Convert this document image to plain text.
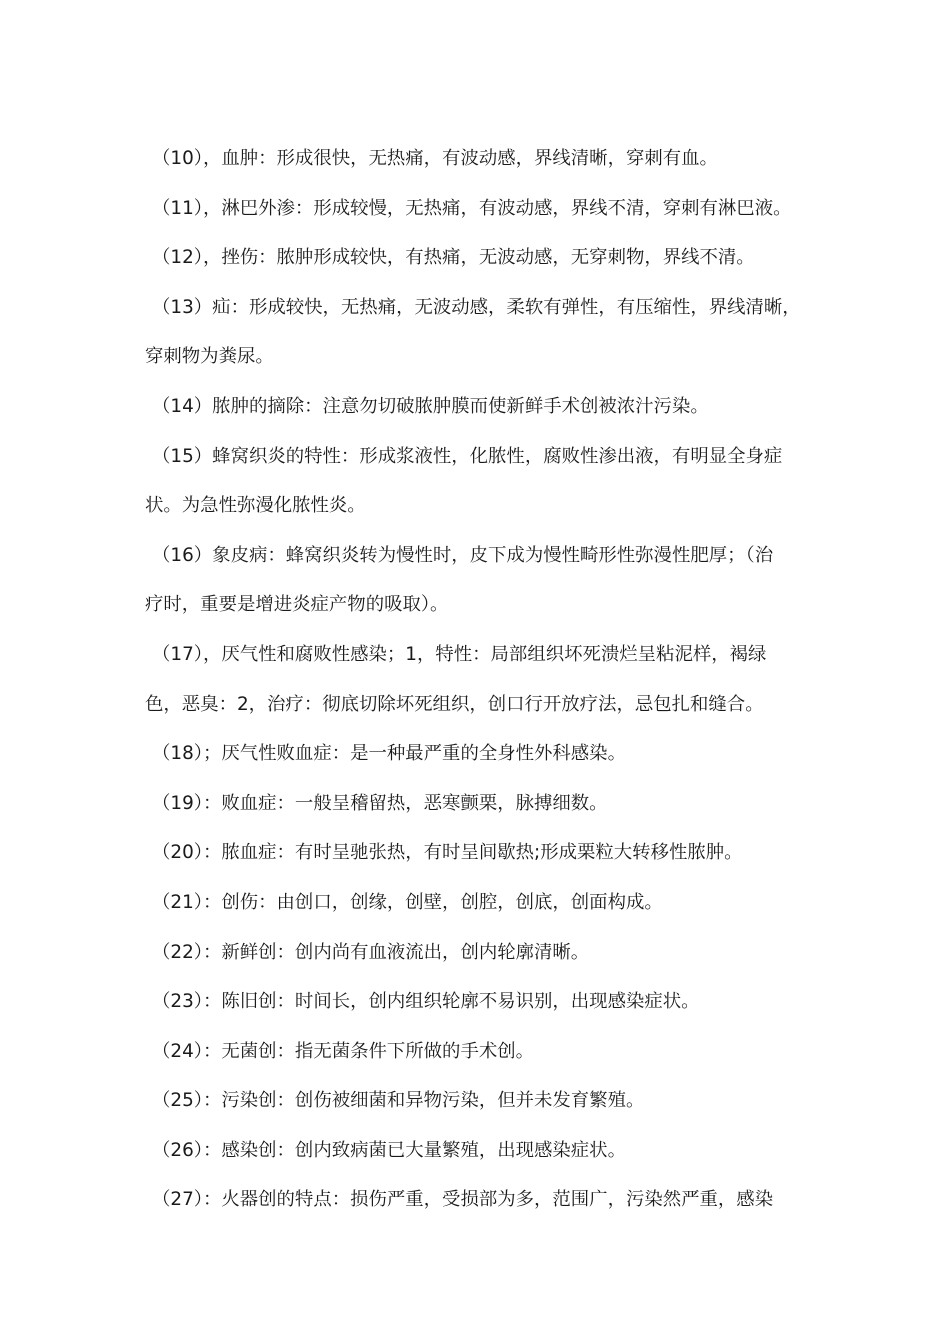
（10），血肿：形成很快，无热痛，有波动感，界线清晰，穿刺有血。
（11），淋巴外渗：形成较慢，无热痛，有波动感，界线不清，穿刺有淋巴液。
（12），挫伤：脓肿形成较快，有热痛，无波动感，无穿刺物，界线不清。
（13）疝：形成较快，无热痛，无波动感，柔软有弹性，有压缩性，界线清晰，
穿刺物为粪尿。
（14）脓肿的摘除：注意勿切破脓肿膜而使新鲜手术创被浓汁污染。
（15）蜂窝织炎的特性：形成浆液性，化脓性，腐败性渗出液，有明显全身症
状。为急性弥漫化脓性炎。
（16）象皮病：蜂窝织炎转为慢性时，皮下成为慢性畸形性弥漫性肥厚；（治
疗时，重要是增进炎症产物的吸取）。
（17），厌气性和腐败性感染；1，特性：局部组织坏死溃烂呈粘泥样，褐绿
色，恶臭：2，治疗：彻底切除坏死组织，创口行开放疗法，忌包扎和缝合。
（18）；厌气性败血症：是一种最严重的全身性外科感染。
（19）：败血症：一般呈稽留热，恶寒颤栗，脉搏细数。
（20）：脓血症：有时呈驰张热，有时呈间歇热;形成栗粒大转移性脓肿。
（21）：创伤：由创口，创缘，创壁，创腔，创底，创面构成。
（22）：新鲜创：创内尚有血液流出，创内轮廓清晰。
（23）：陈旧创：时间长，创内组织轮廓不易识别，出现感染症状。
（24）：无菌创：指无菌条件下所做的手术创。
（25）：污染创：创伤被细菌和异物污染，但并未发育繁殖。
（26）：感染创：创内致病菌已大量繁殖，出现感染症状。
（27）：火器创的特点：损伤严重，受损部为多，范围广，污染然严重，感染
